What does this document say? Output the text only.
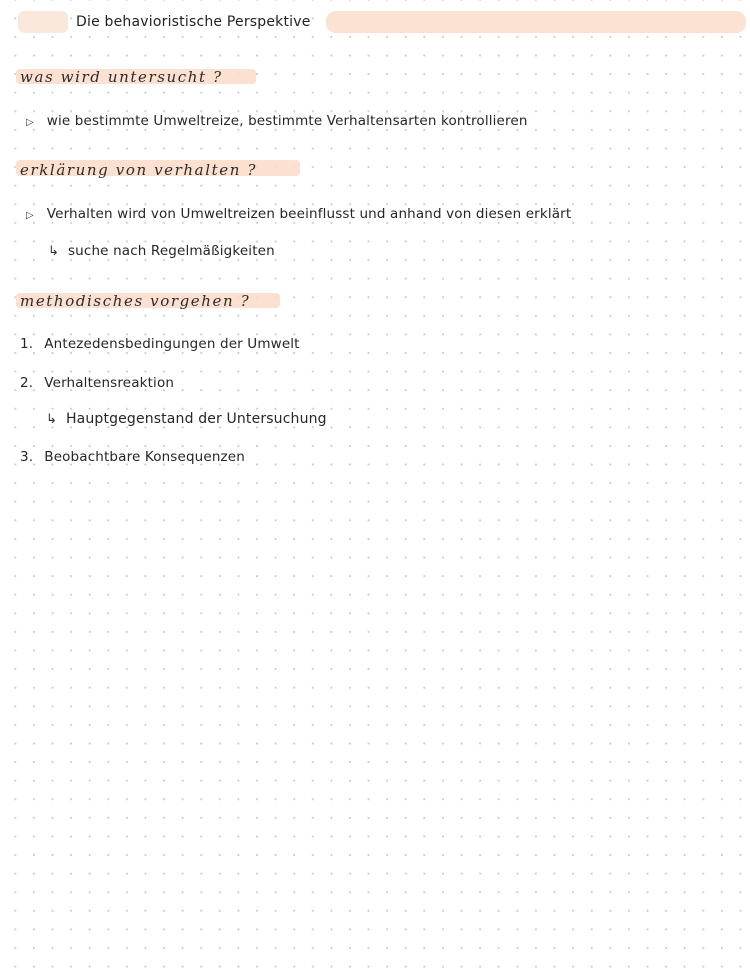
Die behavioristische Perspektive
was wird untersucht ?
▷ wie bestimmte Umweltreize, bestimmte Verhaltensarten kontrollieren
erklärung von verhalten ?
▷ Verhalten wird von Umweltreizen beeinflusst und anhand von diesen erklärt
↳ suche nach Regelmäßigkeiten
methodisches vorgehen ?
1. Antezedensbedingungen der Umwelt
2. Verhaltensreaktion
↳ Hauptgegenstand der Untersuchung
3. Beobachtbare Konsequenzen
